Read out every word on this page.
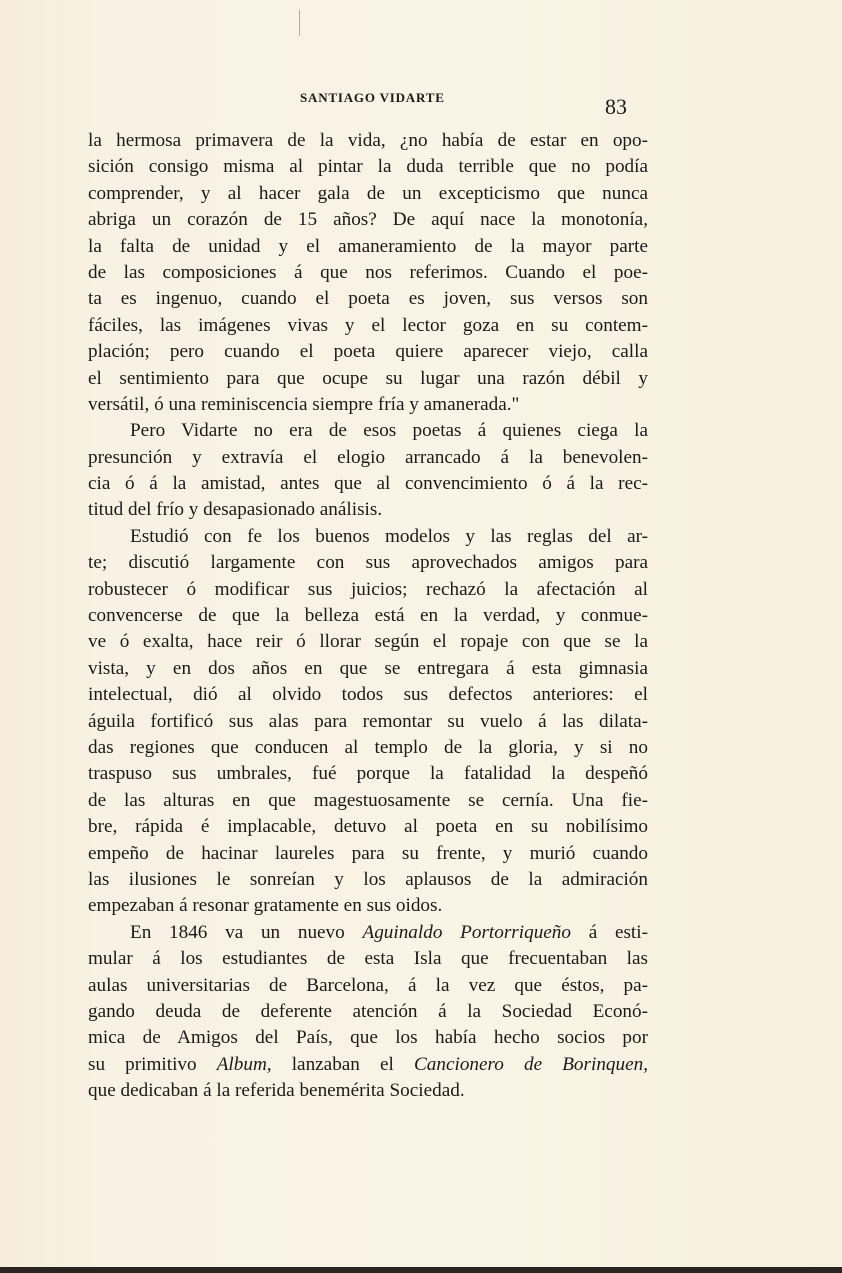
SANTIAGO VIDARTE	83
la hermosa primavera de la vida, ¿no había de estar en opo-
sición consigo misma al pintar la duda terrible que no podía
comprender, y al hacer gala de un excepticismo que nunca
abriga un corazón de 15 años? De aquí nace la monotonía,
la falta de unidad y el amaneramiento de la mayor parte
de las composiciones á que nos referimos. Cuando el poe-
ta es ingenuo, cuando el poeta es joven, sus versos son
fáciles, las imágenes vivas y el lector goza en su contem-
plación; pero cuando el poeta quiere aparecer viejo, calla
el sentimiento para que ocupe su lugar una razón débil y
versátil, ó una reminiscencia siempre fría y amanerada."
Pero Vidarte no era de esos poetas á quienes ciega la
presunción y extravía el elogio arrancado á la benevolen-
cia ó á la amistad, antes que al convencimiento ó á la rec-
titud del frío y desapasionado análisis.
Estudió con fe los buenos modelos y las reglas del ar-
te; discutió largamente con sus aprovechados amigos para
robustecer ó modificar sus juicios; rechazó la afectación al
convencerse de que la belleza está en la verdad, y conmue-
ve ó exalta, hace reir ó llorar según el ropaje con que se la
vista, y en dos años en que se entregara á esta gimnasia
intelectual, dió al olvido todos sus defectos anteriores: el
águila fortificó sus alas para remontar su vuelo á las dilata-
das regiones que conducen al templo de la gloria, y si no
traspuso sus umbrales, fué porque la fatalidad la despeñó
de las alturas en que magestuosamente se cernía. Una fie-
bre, rápida é implacable, detuvo al poeta en su nobilísimo
empeño de hacinar laureles para su frente, y murió cuando
las ilusiones le sonreían y los aplausos de la admiración
empezaban á resonar gratamente en sus oidos.
En 1846 va un nuevo Aguinaldo Portorriqueño á esti-
mular á los estudiantes de esta Isla que frecuentaban las
aulas universitarias de Barcelona, á la vez que éstos, pa-
gando deuda de deferente atención á la Sociedad Econó-
mica de Amigos del País, que los había hecho socios por
su primitivo Album, lanzaban el Cancionero de Borinquen,
que dedicaban á la referida benemérita Sociedad.
